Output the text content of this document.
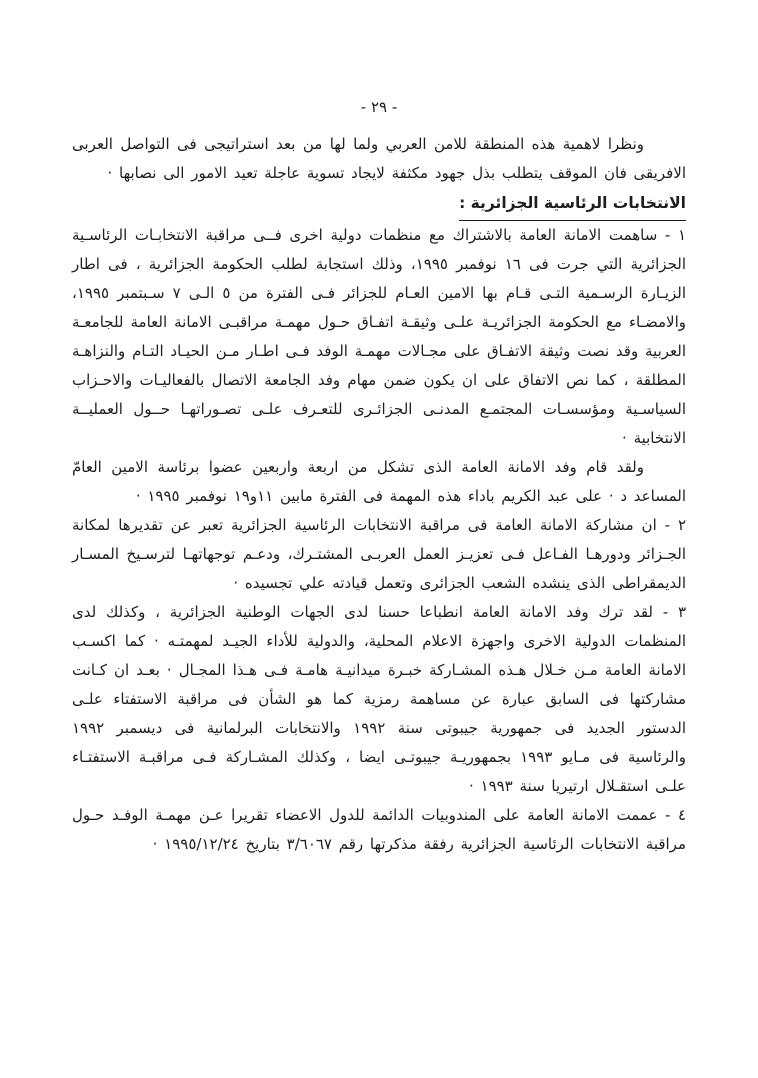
- ٢٩ -

ونظرا لاهمية هذه المنطقة للامن العربي ولما لها من بعد استراتيجى فى التواصل العربى الافريقى فان الموقف يتطلب بذل جهود مكثفة لايجاد تسوية عاجلة تعيد الامور الى نصابها ·

الانتخابات الرئاسية الجزائرية :

١ - ساهمت الامانة العامة بالاشتراك مع منظمات دولية اخرى فــى مراقبة الانتخابـات الرئاسـية الجزائرية التي جرت فى ١٦ نوفمبر ١٩٩٥، وذلك استجابة لطلب الحكومة الجزائرية ، فى اطار الزيـارة الرسـمية التـى قـام بها الامين العـام للجزائر فـى الفترة من ٥ الـى ٧ سـبتمبر ١٩٩٥، والامضـاء مع الحكومة الجزائريـة علـى وثيقـة اتفـاق حـول مهمـة مراقبـى الامانة العامة للجامعـة العربية وقد نصت وثيقة الاتفـاق على مجـالات مهمـة الوفد فـى اطـار مـن الحيـاد التـام والنزاهـة المطلقة ، كما نص الاتفاق على ان يكون ضمن مهام وفد الجامعة الاتصال بالفعاليـات والاحـزاب السياسـية ومؤسسـات المجتمـع المدنـى الجزائـرى للتعـرف علـى تصـوراتهـا حــول العمليــة الانتخابية ·

ولقد قام وفد الامانة العامة الذى تشكل من اربعة واربعين عضوا برئاسة الامين العامّ المساعد د · على عبد الكريم باداء هذه المهمة فى الفترة مابين ١١و١٩ نوفمبر ١٩٩٥ ·

٢ - ان مشاركة الامانة العامة فى مراقبة الانتخابات الرئاسية الجزائرية تعبر عن تقديرها لمكانة الجـزائر ودورهـا الفـاعل فـى تعزيـز العمل العربـى المشتـرك، ودعـم توجهاتهـا لترسـيخ المسـار الديمقراطى الذى ينشده الشعب الجزائرى وتعمل قيادته علي تجسيده ·

٣ - لقد ترك وفد الامانة العامة انطباعا حسنا لدى الجهات الوطنية الجزائرية ، وكذلك لدى المنظمات الدولية الاخرى واجهزة الاعلام المحلية، والدولية للأداء الجيـد لمهمتـه · كما اكسـب الامانة العامة مـن خـلال هـذه المشـاركة خبـرة ميدانيـة هامـة فـى هـذا المجـال · بعـد ان كـانت مشاركتها فى السابق عبارة عن مساهمة رمزية كما هو الشأن فى مراقبة الاستفتاء علـى الدستور الجديد فى جمهورية جيبوتى سنة ١٩٩٢ والانتخابات البرلمانية فى ديسمبر ١٩٩٢ والرئاسية فى مـايو ١٩٩٣ بجمهوريـة جيبوتـى ايضا ، وكذلك المشـاركة فـى مراقبـة الاستفتـاء علـى استقـلال ارتيريا سنة ١٩٩٣ ·

٤ - عممت الامانة العامة على المندوبيات الدائمة للدول الاعضاء تقريرا عـن مهمـة الوفـد حـول مراقبة الانتخابات الرئاسية الجزائرية رفقة مذكرتها رقم ٣/٦٠٦٧ بتاريخ ١٩٩٥/١٢/٢٤ ·
